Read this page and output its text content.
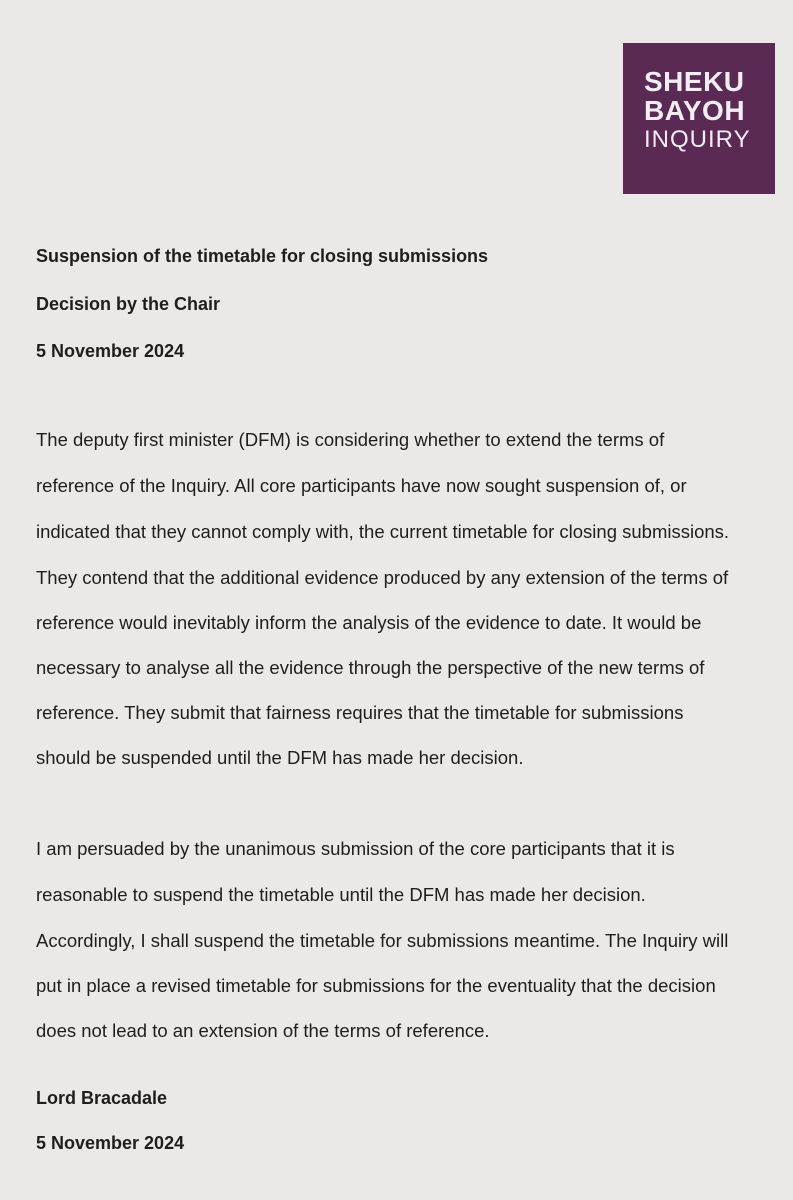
SHEKU
BAYOH
INQUIRY
Suspension of the timetable for closing submissions
Decision by the Chair
5 November 2024
The deputy first minister (DFM) is considering whether to extend the terms of
reference of the Inquiry. All core participants have now sought suspension of, or
indicated that they cannot comply with, the current timetable for closing submissions.
They contend that the additional evidence produced by any extension of the terms of
reference would inevitably inform the analysis of the evidence to date. It would be
necessary to analyse all the evidence through the perspective of the new terms of
reference. They submit that fairness requires that the timetable for submissions
should be suspended until the DFM has made her decision.
I am persuaded by the unanimous submission of the core participants that it is
reasonable to suspend the timetable until the DFM has made her decision.
Accordingly, I shall suspend the timetable for submissions meantime. The Inquiry will
put in place a revised timetable for submissions for the eventuality that the decision
does not lead to an extension of the terms of reference.
Lord Bracadale
5 November 2024
